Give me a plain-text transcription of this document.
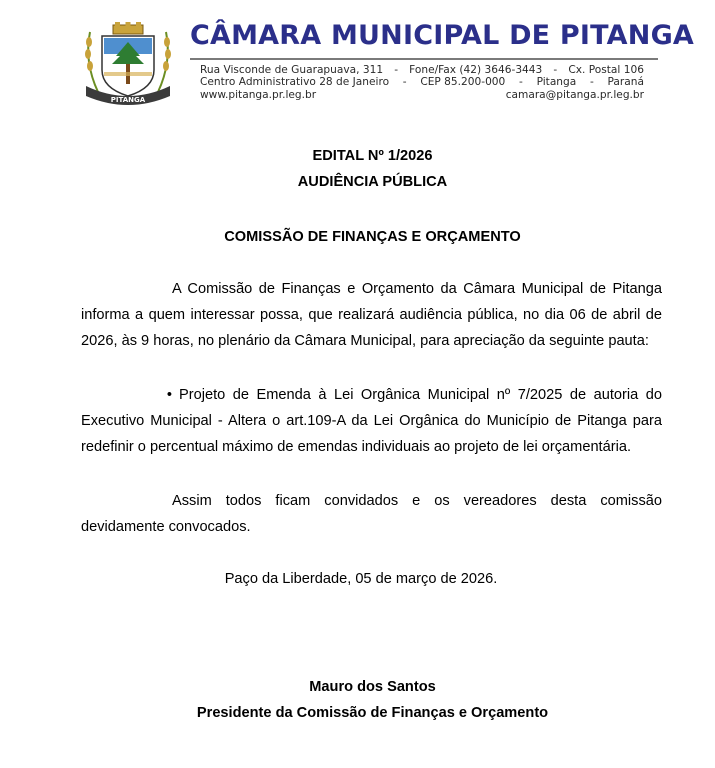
PITANGA
CÂMARA MUNICIPAL DE PITANGA
Rua Visconde de Guarapuava, 311 - Fone/Fax (42) 3646-3443 - Cx. Postal 106
Centro Administrativo 28 de Janeiro - CEP 85.200-000 - Pitanga - Paraná
www.pitanga.pr.leg.br	camara@pitanga.pr.leg.br
EDITAL Nº 1/2026
AUDIÊNCIA PÚBLICA
COMISSÃO DE FINANÇAS E ORÇAMENTO
A Comissão de Finanças e Orçamento da Câmara Municipal de Pitanga informa a quem interessar possa, que realizará audiência pública, no dia 06 de abril de 2026, às 9 horas, no plenário da Câmara Municipal, para apreciação da seguinte pauta:
• Projeto de Emenda à Lei Orgânica Municipal nº 7/2025 de autoria do Executivo Municipal - Altera o art.109-A da Lei Orgânica do Município de Pitanga para redefinir o percentual máximo de emendas individuais ao projeto de lei orçamentária.
Assim todos ficam convidados e os vereadores desta comissão devidamente convocados.
Paço da Liberdade, 05 de março de 2026.
Mauro dos Santos
Presidente da Comissão de Finanças e Orçamento
